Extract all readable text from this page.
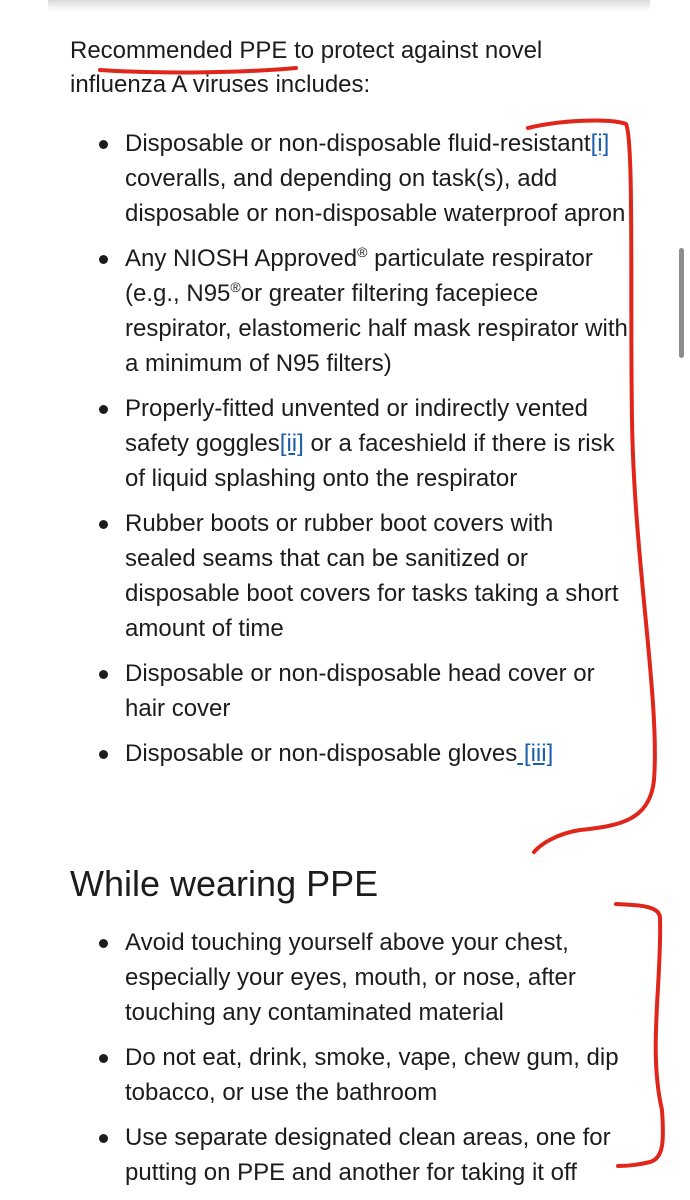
Recommended PPE to protect against novel influenza A viruses includes:

Disposable or non-disposable fluid-resistant[i] coveralls, and depending on task(s), add disposable or non-disposable waterproof apron
Any NIOSH Approved® particulate respirator (e.g., N95®or greater filtering facepiece respirator, elastomeric half mask respirator with a minimum of N95 filters)
Properly-fitted unvented or indirectly vented safety goggles[ii] or a faceshield if there is risk of liquid splashing onto the respirator
Rubber boots or rubber boot covers with sealed seams that can be sanitized or disposable boot covers for tasks taking a short amount of time
Disposable or non-disposable head cover or hair cover
Disposable or non-disposable gloves [iii]
While wearing PPE
Avoid touching yourself above your chest, especially your eyes, mouth, or nose, after touching any contaminated material
Do not eat, drink, smoke, vape, chew gum, dip tobacco, or use the bathroom
Use separate designated clean areas, one for putting on PPE and another for taking it off
